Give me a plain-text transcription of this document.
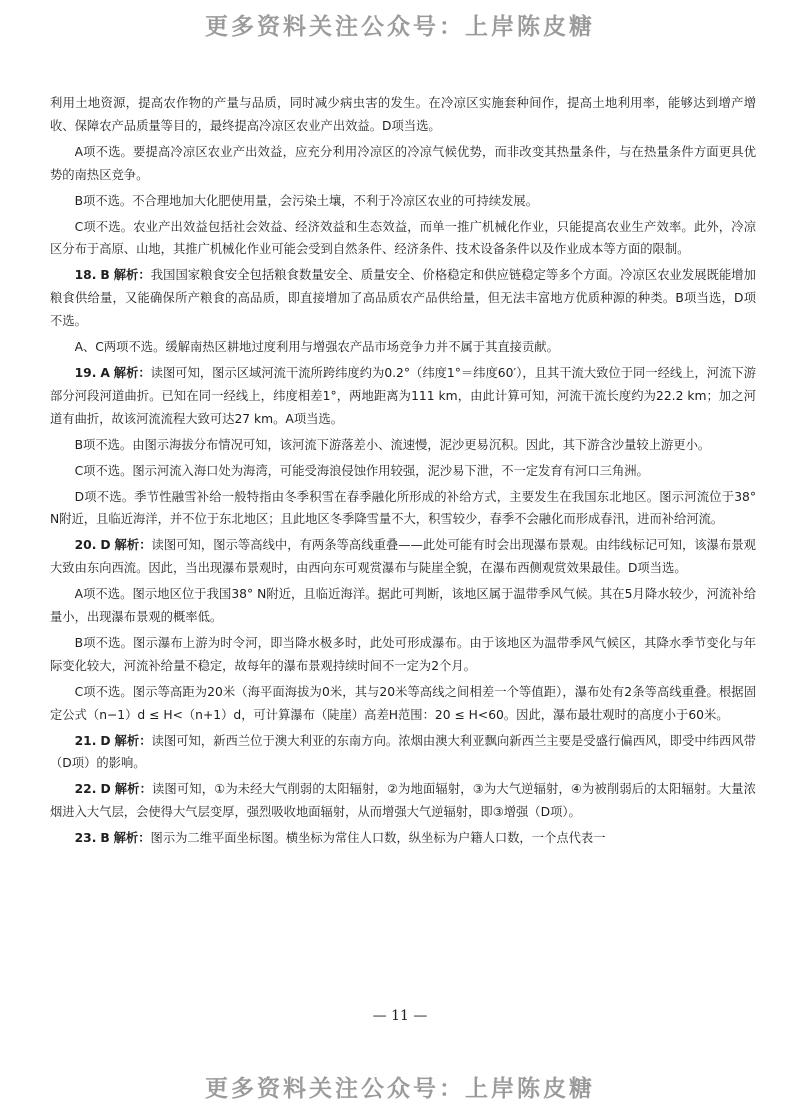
更多资料关注公众号：上岸陈皮糖

利用土地资源，提高农作物的产量与品质，同时减少病虫害的发生。在冷凉区实施套种间作，提高土地利用率，能够达到增产增收、保障农产品质量等目的，最终提高冷凉区农业产出效益。D项当选。

A项不选。要提高冷凉区农业产出效益，应充分利用冷凉区的冷凉气候优势，而非改变其热量条件，与在热量条件方面更具优势的南热区竞争。

B项不选。不合理地加大化肥使用量，会污染土壤，不利于冷凉区农业的可持续发展。

C项不选。农业产出效益包括社会效益、经济效益和生态效益，而单一推广机械化作业，只能提高农业生产效率。此外，冷凉区分布于高原、山地，其推广机械化作业可能会受到自然条件、经济条件、技术设备条件以及作业成本等方面的限制。

18. B 解析：我国国家粮食安全包括粮食数量安全、质量安全、价格稳定和供应链稳定等多个方面。冷凉区农业发展既能增加粮食供给量，又能确保所产粮食的高品质，即直接增加了高品质农产品供给量，但无法丰富地方优质种源的种类。B项当选，D项不选。

A、C两项不选。缓解南热区耕地过度利用与增强农产品市场竞争力并不属于其直接贡献。

19. A 解析：读图可知，图示区域河流干流所跨纬度约为0.2°（纬度1°＝纬度60′），且其干流大致位于同一经线上，河流下游部分河段河道曲折。已知在同一经线上，纬度相差1°，两地距离为111 km，由此计算可知，河流干流长度约为22.2 km；加之河道有曲折，故该河流流程大致可达27 km。A项当选。

B项不选。由图示海拔分布情况可知，该河流下游落差小、流速慢，泥沙更易沉积。因此，其下游含沙量较上游更小。

C项不选。图示河流入海口处为海湾，可能受海浪侵蚀作用较强，泥沙易下泄，不一定发育有河口三角洲。

D项不选。季节性融雪补给一般特指由冬季积雪在春季融化所形成的补给方式，主要发生在我国东北地区。图示河流位于38° N附近，且临近海洋，并不位于东北地区；且此地区冬季降雪量不大，积雪较少，春季不会融化而形成春汛，进而补给河流。

20. D 解析：读图可知，图示等高线中，有两条等高线重叠——此处可能有时会出现瀑布景观。由纬线标记可知，该瀑布景观大致由东向西流。因此，当出现瀑布景观时，由西向东可观赏瀑布与陡崖全貌，在瀑布西侧观赏效果最佳。D项当选。

A项不选。图示地区位于我国38° N附近，且临近海洋。据此可判断，该地区属于温带季风气候。其在5月降水较少，河流补给量小，出现瀑布景观的概率低。

B项不选。图示瀑布上游为时令河，即当降水极多时，此处可形成瀑布。由于该地区为温带季风气候区，其降水季节变化与年际变化较大，河流补给量不稳定，故每年的瀑布景观持续时间不一定为2个月。

C项不选。图示等高距为20米（海平面海拔为0米，其与20米等高线之间相差一个等值距），瀑布处有2条等高线重叠。根据固定公式（n−1）d ≤ H<（n+1）d，可计算瀑布（陡崖）高差H范围：20 ≤ H<60。因此，瀑布最壮观时的高度小于60米。

21. D 解析：读图可知，新西兰位于澳大利亚的东南方向。浓烟由澳大利亚飘向新西兰主要是受盛行偏西风，即受中纬西风带（D项）的影响。

22. D 解析：读图可知，①为未经大气削弱的太阳辐射，②为地面辐射，③为大气逆辐射，④为被削弱后的太阳辐射。大量浓烟进入大气层，会使得大气层变厚，强烈吸收地面辐射，从而增强大气逆辐射，即③增强（D项）。

23. B 解析：图示为二维平面坐标图。横坐标为常住人口数，纵坐标为户籍人口数，一个点代表一

— 11 —
更多资料关注公众号：上岸陈皮糖
